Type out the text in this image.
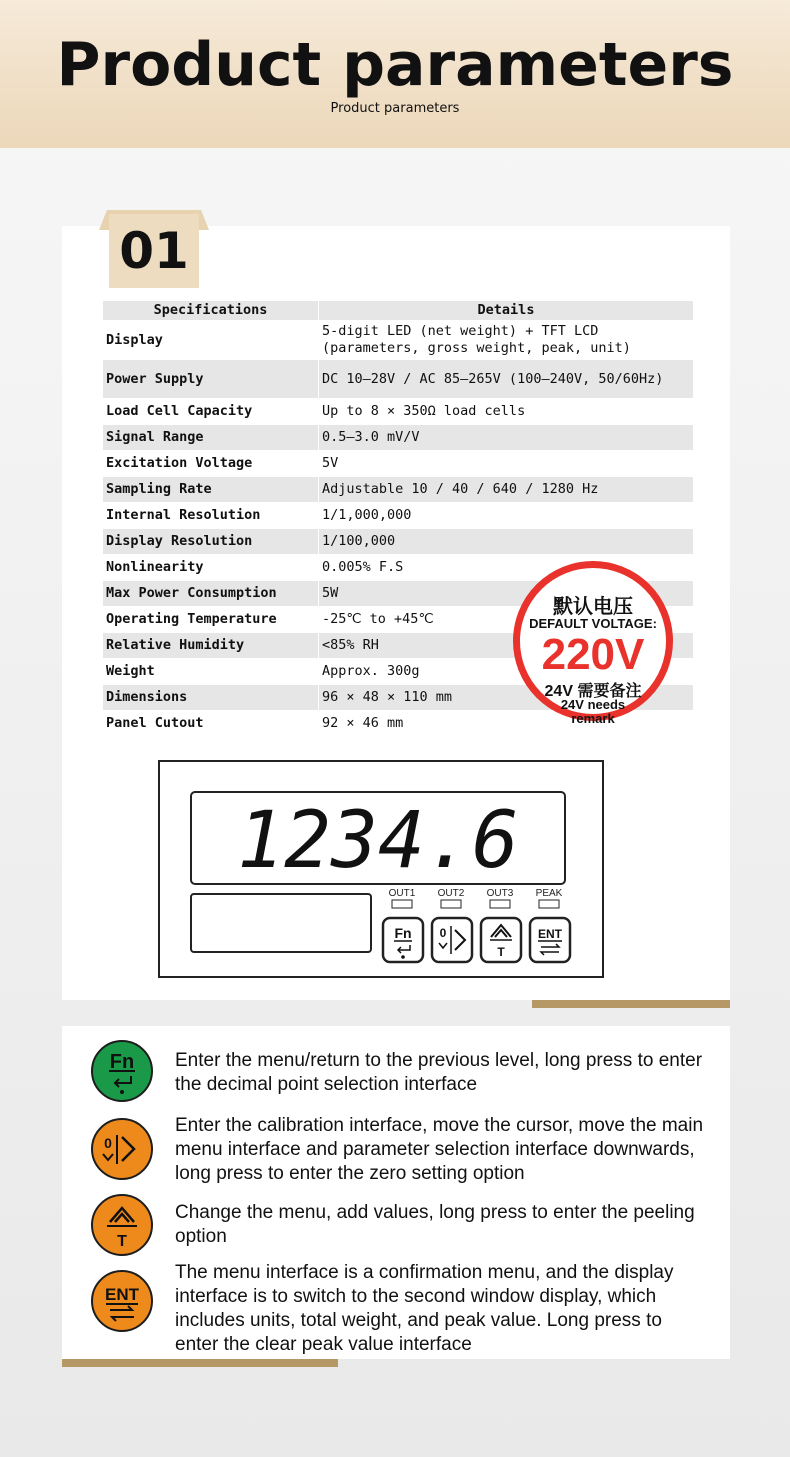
Product parameters
Product parameters
01
Specifications	Details
Display	5-digit LED (net weight) + TFT LCD (parameters, gross weight, peak, unit)
Power Supply	DC 10–28V / AC 85–265V (100–240V, 50/60Hz)
Load Cell Capacity	Up to 8 × 350Ω load cells
Signal Range	0.5–3.0 mV/V
Excitation Voltage	5V
Sampling Rate	Adjustable 10 / 40 / 640 / 1280 Hz
Internal Resolution	1/1,000,000
Display Resolution	1/100,000
Nonlinearity	0.005% F.S
Max Power Consumption	5W
Operating Temperature	-25℃ to +45℃
Relative Humidity	<85% RH
Weight	Approx. 300g
Dimensions	96 × 48 × 110 mm
Panel Cutout	92 × 46 mm
默认电压
DEFAULT VOLTAGE:
220V
24V 需要备注
24V needs
remark
1234.6
OUT1 OUT2 OUT3 PEAK
Fn 0
T
ENT
Fn Enter the menu/return to the previous level, long press to enter the decimal point selection interface
0
Enter the calibration interface, move the cursor, move the main menu interface and parameter selection interface downwards, long press to enter the zero setting option
T
Change the menu, add values, long press to enter the peeling option
ENT
The menu interface is a confirmation menu, and the display interface is to switch to the second window display, which includes units, total weight, and peak value. Long press to enter the clear peak value interface
